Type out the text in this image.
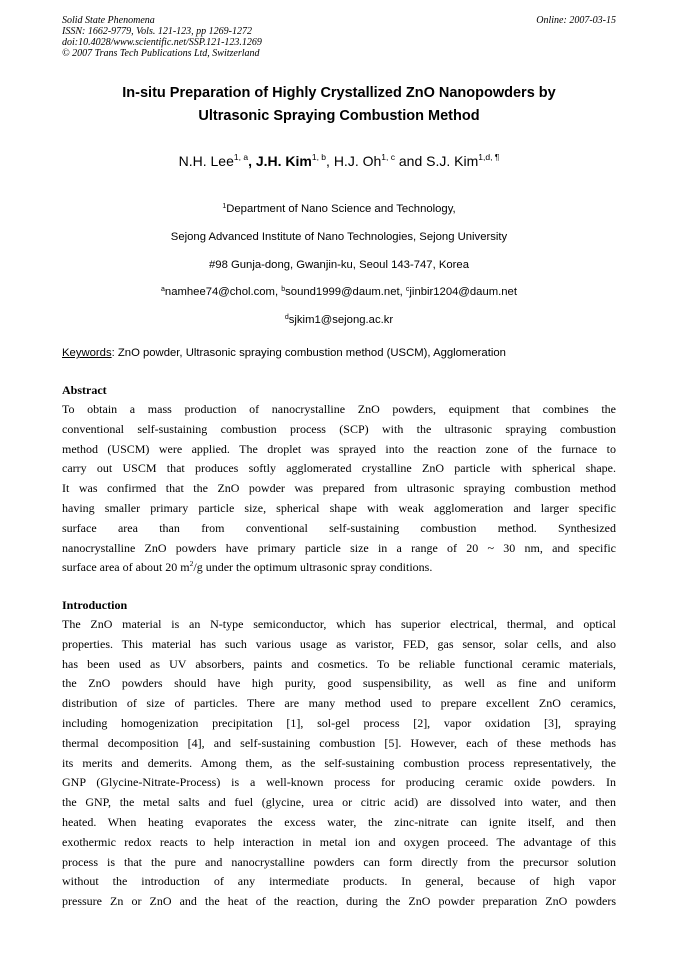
Solid State Phenomena
ISSN: 1662-9779, Vols. 121-123, pp 1269-1272
doi:10.4028/www.scientific.net/SSP.121-123.1269
© 2007 Trans Tech Publications Ltd, Switzerland
Online: 2007-03-15
In-situ Preparation of Highly Crystallized ZnO Nanopowders by
Ultrasonic Spraying Combustion Method
N.H. Lee$^{1, a}$, J.H. Kim$^{1, b}$, H.J. Oh$^{1, c}$ and S.J. Kim$^{1,d, \P}$
$^1$Department of Nano Science and Technology,
Sejong Advanced Institute of Nano Technologies, Sejong University
#98 Gunja-dong, Gwanjin-ku, Seoul 143-747, Korea
$^a$namhee74@chol.com, $^b$sound1999@daum.net, $^c$jinbir1204@daum.net
$^d$sjkim1@sejong.ac.kr
Keywords: ZnO powder, Ultrasonic spraying combustion method (USCM), Agglomeration
Abstract
To obtain a mass production of nanocrystalline ZnO powders, equipment that combines the
conventional self-sustaining combustion process (SCP) with the ultrasonic spraying combustion
method (USCM) were applied. The droplet was sprayed into the reaction zone of the furnace to
carry out USCM that produces softly agglomerated crystalline ZnO particle with spherical shape.
It was confirmed that the ZnO powder was prepared from ultrasonic spraying combustion method
having smaller primary particle size, spherical shape with weak agglomeration and larger specific
surface area than from conventional self-sustaining combustion method. Synthesized
nanocrystalline ZnO powders have primary particle size in a range of 20 ~ 30 nm, and specific
surface area of about 20 $m^2/g$ under the optimum ultrasonic spray conditions.
Introduction
The ZnO material is an N-type semiconductor, which has superior electrical, thermal, and optical
properties. This material has such various usage as varistor, FED, gas sensor, solar cells, and also
has been used as UV absorbers, paints and cosmetics. To be reliable functional ceramic materials,
the ZnO powders should have high purity, good suspensibility, as well as fine and uniform
distribution of size of particles. There are many method used to prepare excellent ZnO ceramics,
including homogenization precipitation [1], sol-gel process [2], vapor oxidation [3], spraying
thermal decomposition [4], and self-sustaining combustion [5]. However, each of these methods has
its merits and demerits. Among them, as the self-sustaining combustion process representatively, the
GNP (Glycine-Nitrate-Process) is a well-known process for producing ceramic oxide powders. In
the GNP, the metal salts and fuel (glycine, urea or citric acid) are dissolved into water, and then
heated. When heating evaporates the excess water, the zinc-nitrate can ignite itself, and then
exothermic redox reacts to help interaction in metal ion and oxygen proceed. The advantage of this
process is that the pure and nanocrystalline powders can form directly from the precursor solution
without the introduction of any intermediate products. In general, because of high vapor
pressure Zn or ZnO and the heat of the reaction, during the ZnO powder preparation ZnO powders
